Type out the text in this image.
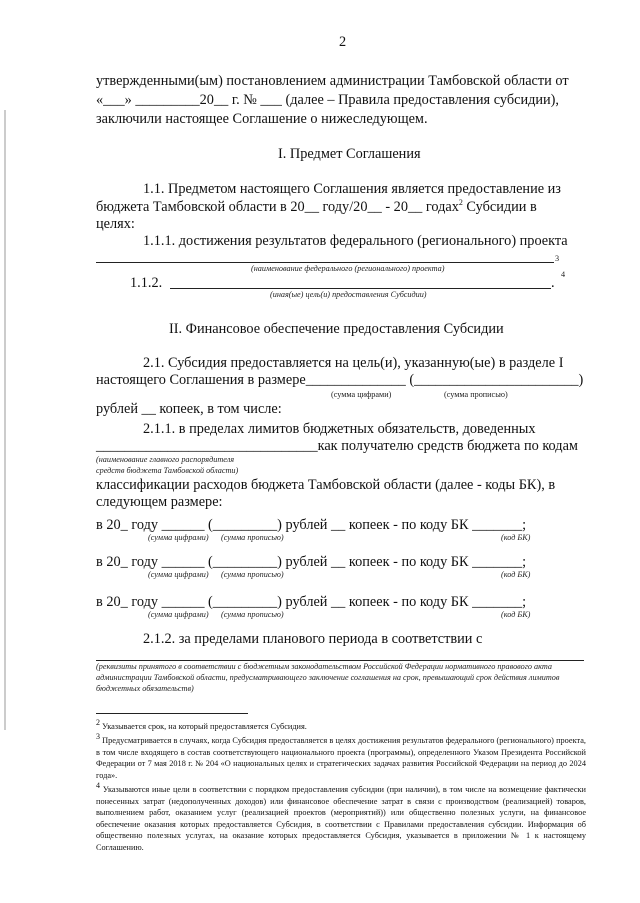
2
утвержденными(ым) постановлением администрации Тамбовской области от
«___» _________20__ г. № ___ (далее – Правила предоставления субсидии),
заключили настоящее Соглашение о нижеследующем.
I. Предмет Соглашения
1.1. Предметом настоящего Соглашения является предоставление из
бюджета Тамбовской области в 20__ году/20__ - 20__ годах$^2$ Субсидии в
целях:
1.1.1. достижения результатов федерального (регионального) проекта
3
(наименование федерального (регионального) проекта)
1.1.2.	.
4
(иная(ые) цель(и) предоставления Субсидии)
II. Финансовое обеспечение предоставления Субсидии
2.1. Субсидия предоставляется на цель(и), указанную(ые) в разделе I
настоящего Соглашения в размере______________ (_______________________)
(сумма цифрами)	(сумма прописью)
рублей __ копеек, в том числе:
2.1.1. в пределах лимитов бюджетных обязательств, доведенных
_______________________________как получателю средств бюджета по кодам
(наименование главного распорядителя
средств бюджета Тамбовской области)
классификации расходов бюджета Тамбовской области (далее - коды БК), в
следующем размере:
в 20_ году ______ (_________) рублей __ копеек - по коду БК _______;
(сумма цифрами) (сумма прописью)	(код БК)
в 20_ году ______ (_________) рублей __ копеек - по коду БК _______;
(сумма цифрами) (сумма прописью)	(код БК)
в 20_ году ______ (_________) рублей __ копеек - по коду БК _______;
(сумма цифрами) (сумма прописью)	(код БК)
2.1.2. за пределами планового периода в соответствии с
(реквизиты принятого в соответствии с бюджетным законодательством Российской Федерации нормативного правового акта администрации Тамбовской области, предусматривающего заключение соглашения на срок, превышающий срок действия лимитов бюджетных обязательств)
$^2$ Указывается срок, на который предоставляется Субсидия.
$^3$ Предусматривается в случаях, когда Субсидия предоставляется в целях достижения результатов федерального (регионального) проекта, в том числе входящего в состав соответствующего национального проекта (программы), определенного Указом Президента Российской Федерации от 7 мая 2018 г. № 204 «О национальных целях и стратегических задачах развития Российской Федерации на период до 2024 года».
$^4$ Указываются иные цели в соответствии с порядком предоставления субсидии (при наличии), в том числе на возмещение фактически понесенных затрат (недополученных доходов) или финансовое обеспечение затрат в связи с производством (реализацией) товаров, выполнением работ, оказанием услуг (реализацией проектов (мероприятий)) или общественно полезных услуги, на финансовое обеспечение оказания которых предоставляется Субсидия, в соответствии с Правилами предоставления субсидии. Информация об общественно полезных услугах, на оказание которых предоставляется Субсидия, указывается в приложении № 1 к настоящему Соглашению.
